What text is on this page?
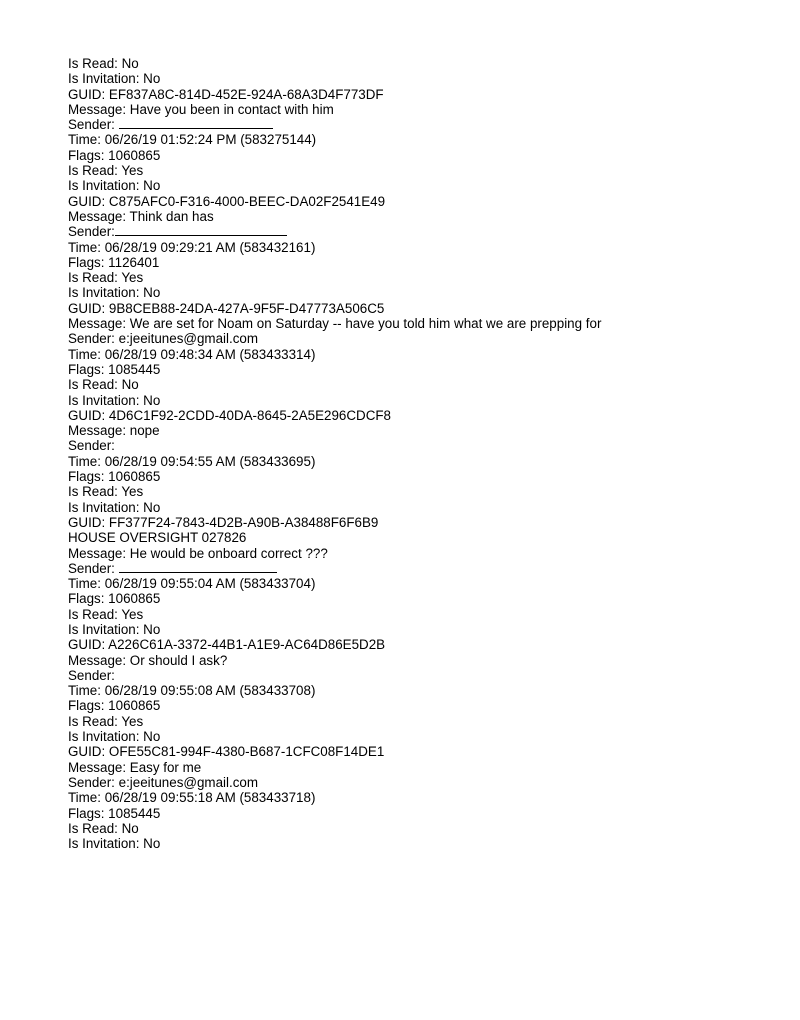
Is Read: No
Is Invitation: No
GUID: EF837A8C-814D-452E-924A-68A3D4F773DF
Message: Have you been in contact with him
Sender:
Time: 06/26/19 01:52:24 PM (583275144)
Flags: 1060865
Is Read: Yes
Is Invitation: No
GUID: C875AFC0-F316-4000-BEEC-DA02F2541E49
Message: Think dan has
Sender:
Time: 06/28/19 09:29:21 AM (583432161)
Flags: 1126401
Is Read: Yes
Is Invitation: No
GUID: 9B8CEB88-24DA-427A-9F5F-D47773A506C5
Message: We are set for Noam on Saturday -- have you told him what we are prepping for
Sender: e:jeeitunes@gmail.com
Time: 06/28/19 09:48:34 AM (583433314)
Flags: 1085445
Is Read: No
Is Invitation: No
GUID: 4D6C1F92-2CDD-40DA-8645-2A5E296CDCF8
Message: nope
Sender:
Time: 06/28/19 09:54:55 AM (583433695)
Flags: 1060865
Is Read: Yes
Is Invitation: No
GUID: FF377F24-7843-4D2B-A90B-A38488F6F6B9
HOUSE OVERSIGHT 027826
Message: He would be onboard correct ???
Sender:
Time: 06/28/19 09:55:04 AM (583433704)
Flags: 1060865
Is Read: Yes
Is Invitation: No
GUID: A226C61A-3372-44B1-A1E9-AC64D86E5D2B
Message: Or should I ask?
Sender:
Time: 06/28/19 09:55:08 AM (583433708)
Flags: 1060865
Is Read: Yes
Is Invitation: No
GUID: OFE55C81-994F-4380-B687-1CFC08F14DE1
Message: Easy for me
Sender: e:jeeitunes@gmail.com
Time: 06/28/19 09:55:18 AM (583433718)
Flags: 1085445
Is Read: No
Is Invitation: No
